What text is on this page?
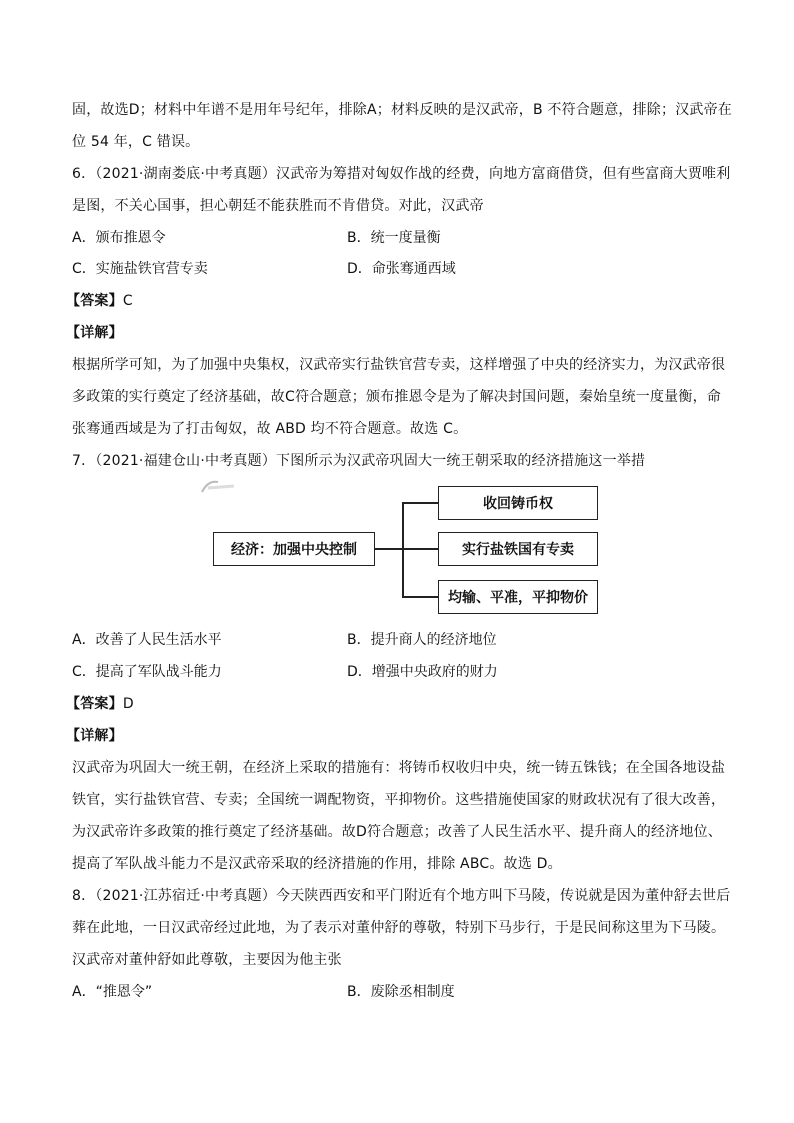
固，故选D；材料中年谱不是用年号纪年，排除A；材料反映的是汉武帝，B 不符合题意，排除；汉武帝在
位 54 年，C 错误。
6．（2021·湖南娄底·中考真题）汉武帝为筹措对匈奴作战的经费，向地方富商借贷，但有些富商大贾唯利
是图，不关心国事，担心朝廷不能获胜而不肯借贷。对此，汉武帝
A．颁布推恩令	B．统一度量衡
C．实施盐铁官营专卖	D．命张骞通西域
【答案】C
【详解】
根据所学可知，为了加强中央集权，汉武帝实行盐铁官营专卖，这样增强了中央的经济实力，为汉武帝很
多政策的实行奠定了经济基础，故C符合题意；颁布推恩令是为了解决封国问题，秦始皇统一度量衡，命
张骞通西域是为了打击匈奴，故 ABD 均不符合题意。故选 C。
7．（2021·福建仓山·中考真题）下图所示为汉武帝巩固大一统王朝采取的经济措施这一举措
经济：加强中央控制
收回铸币权
实行盐铁国有专卖
均输、平准，平抑物价
A．改善了人民生活水平	B．提升商人的经济地位
C．提高了军队战斗能力	D．增强中央政府的财力
【答案】D
【详解】
汉武帝为巩固大一统王朝，在经济上采取的措施有：将铸币权收归中央，统一铸五铢钱；在全国各地设盐
铁官，实行盐铁官营、专卖；全国统一调配物资，平抑物价。这些措施使国家的财政状况有了很大改善，
为汉武帝许多政策的推行奠定了经济基础。故D符合题意；改善了人民生活水平、提升商人的经济地位、
提高了军队战斗能力不是汉武帝采取的经济措施的作用，排除 ABC。故选 D。
8．（2021·江苏宿迁·中考真题）今天陕西西安和平门附近有个地方叫下马陵，传说就是因为董仲舒去世后
葬在此地，一日汉武帝经过此地，为了表示对董仲舒的尊敬，特别下马步行，于是民间称这里为下马陵。
汉武帝对董仲舒如此尊敬，主要因为他主张
A．“推恩令”	B．废除丞相制度
